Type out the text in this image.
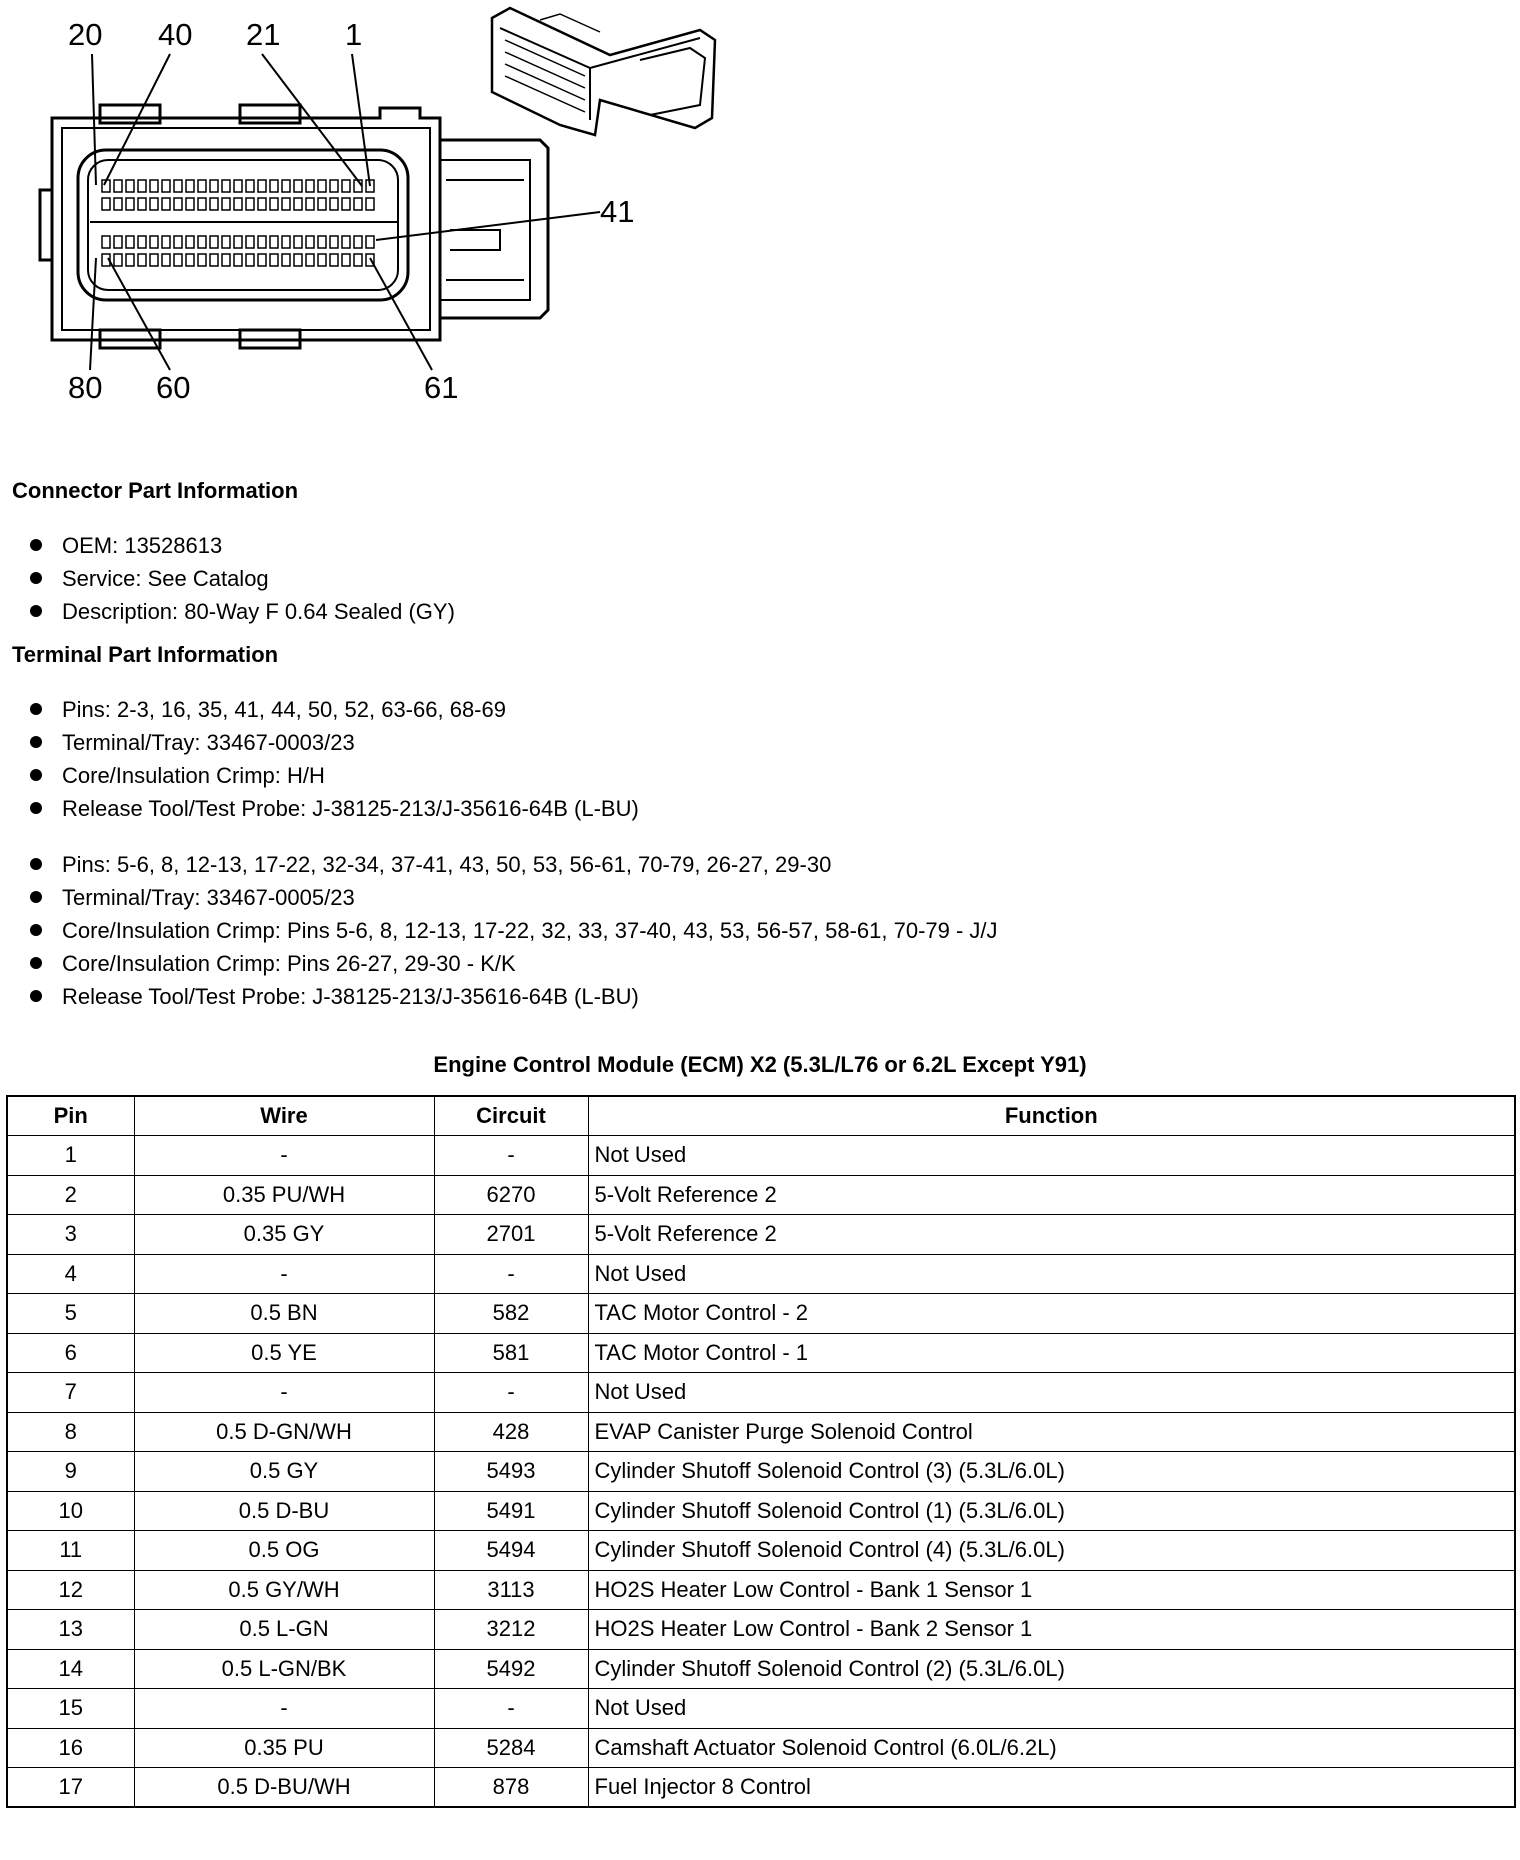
20 40 21 1
41
80 60	61
Connector Part Information
OEM: 13528613
Service: See Catalog
Description: 80-Way F 0.64 Sealed (GY)
Terminal Part Information
Pins: 2-3, 16, 35, 41, 44, 50, 52, 63-66, 68-69
Terminal/Tray: 33467-0003/23
Core/Insulation Crimp: H/H
Release Tool/Test Probe: J-38125-213/J-35616-64B (L-BU)
Pins: 5-6, 8, 12-13, 17-22, 32-34, 37-41, 43, 50, 53, 56-61, 70-79, 26-27, 29-30
Terminal/Tray: 33467-0005/23
Core/Insulation Crimp: Pins 5-6, 8, 12-13, 17-22, 32, 33, 37-40, 43, 53, 56-57, 58-61, 70-79 - J/J
Core/Insulation Crimp: Pins 26-27, 29-30 - K/K
Release Tool/Test Probe: J-38125-213/J-35616-64B (L-BU)
Engine Control Module (ECM) X2 (5.3L/L76 or 6.2L Except Y91)
Pin	Wire	Circuit	Function
1	-	-	Not Used
2	0.35 PU/WH	6270	5-Volt Reference 2
3	0.35 GY	2701	5-Volt Reference 2
4	-	-	Not Used
5	0.5 BN	582	TAC Motor Control - 2
6	0.5 YE	581	TAC Motor Control - 1
7	-	-	Not Used
8	0.5 D-GN/WH	428	EVAP Canister Purge Solenoid Control
9	0.5 GY	5493	Cylinder Shutoff Solenoid Control (3) (5.3L/6.0L)
10	0.5 D-BU	5491	Cylinder Shutoff Solenoid Control (1) (5.3L/6.0L)
11	0.5 OG	5494	Cylinder Shutoff Solenoid Control (4) (5.3L/6.0L)
12	0.5 GY/WH	3113	HO2S Heater Low Control - Bank 1 Sensor 1
13	0.5 L-GN	3212	HO2S Heater Low Control - Bank 2 Sensor 1
14	0.5 L-GN/BK	5492	Cylinder Shutoff Solenoid Control (2) (5.3L/6.0L)
15	-	-	Not Used
16	0.35 PU	5284	Camshaft Actuator Solenoid Control (6.0L/6.2L)
17	0.5 D-BU/WH	878	Fuel Injector 8 Control
